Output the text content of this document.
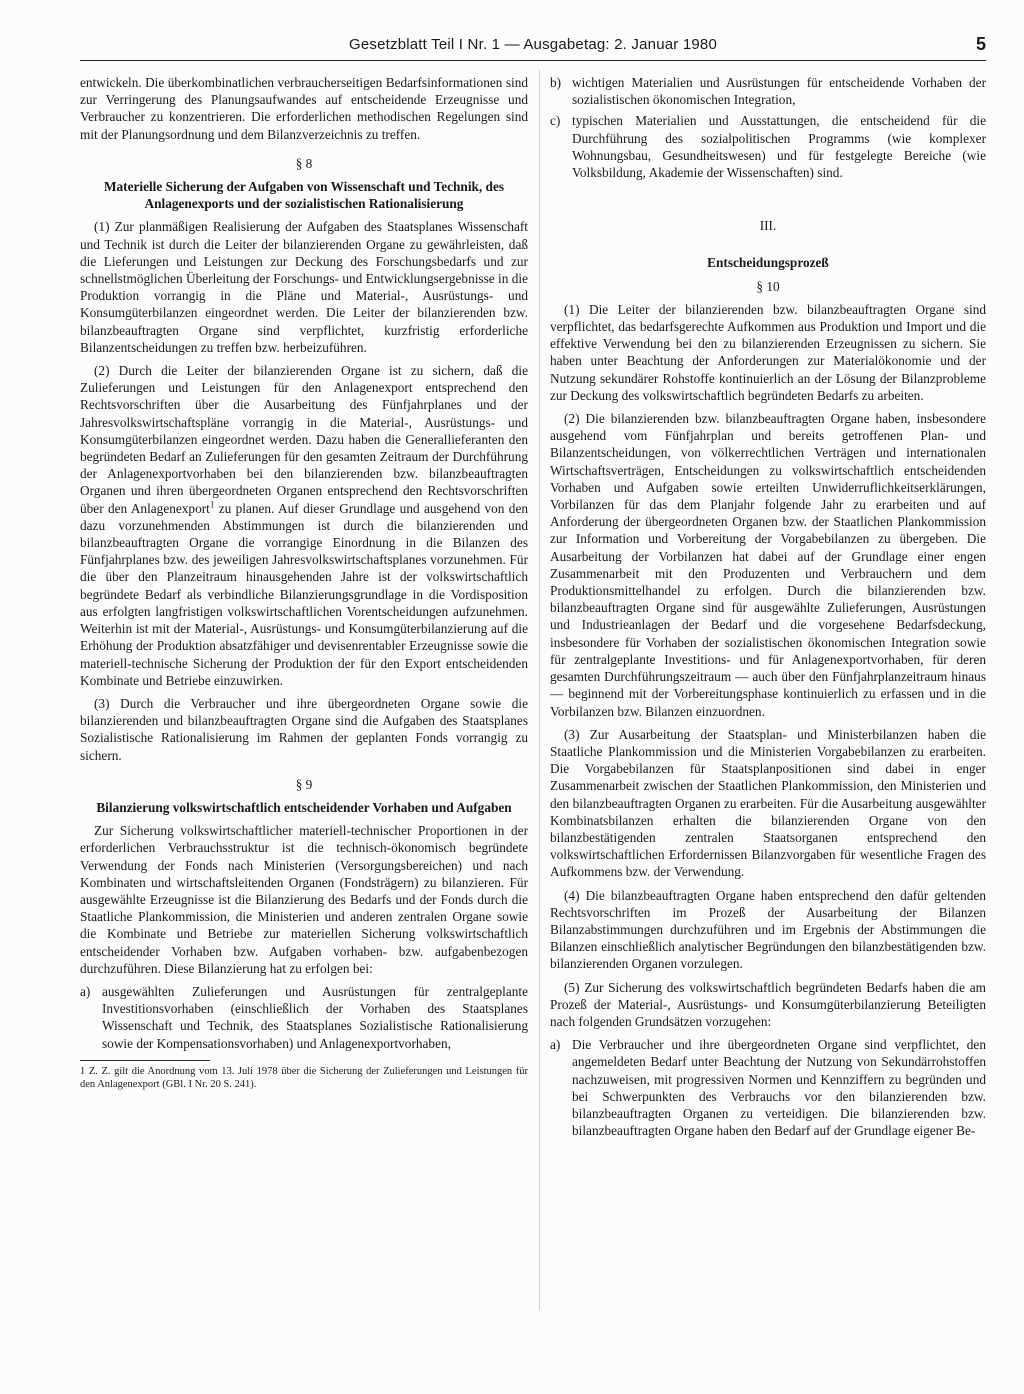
Gesetzblatt Teil I Nr. 1 — Ausgabetag: 2. Januar 1980	5

entwickeln. Die überkombinatlichen verbraucherseitigen Bedarfsinformationen sind zur Verringerung des Planungsaufwandes auf entscheidende Erzeugnisse und Verbraucher zu konzentrieren. Die erforderlichen methodischen Regelungen sind mit der Planungsordnung und dem Bilanzverzeichnis zu treffen.

§ 8
Materielle Sicherung der Aufgaben von Wissenschaft und Technik, des Anlagenexports und der sozialistischen Rationalisierung

(1) Zur planmäßigen Realisierung der Aufgaben des Staatsplanes Wissenschaft und Technik ist durch die Leiter der bilanzierenden Organe zu gewährleisten, daß die Lieferungen und Leistungen zur Deckung des Forschungsbedarfs und zur schnellstmöglichen Überleitung der Forschungs- und Entwicklungsergebnisse in die Produktion vorrangig in die Pläne und Material-, Ausrüstungs- und Konsumgüterbilanzen eingeordnet werden. Die Leiter der bilanzierenden bzw. bilanzbeauftragten Organe sind verpflichtet, kurzfristig erforderliche Bilanzentscheidungen zu treffen bzw. herbeizuführen.

(2) Durch die Leiter der bilanzierenden Organe ist zu sichern, daß die Zulieferungen und Leistungen für den Anlagenexport entsprechend den Rechtsvorschriften über die Ausarbeitung des Fünfjahrplanes und der Jahresvolkswirtschaftspläne vorrangig in die Material-, Ausrüstungs- und Konsumgüterbilanzen eingeordnet werden. Dazu haben die Generallieferanten den begründeten Bedarf an Zulieferungen für den gesamten Zeitraum der Durchführung der Anlagenexportvorhaben bei den bilanzierenden bzw. bilanzbeauftragten Organen und ihren übergeordneten Organen entsprechend den Rechtsvorschriften über den Anlagenexport$^1$ zu planen. Auf dieser Grundlage und ausgehend von den dazu vorzunehmenden Abstimmungen ist durch die bilanzierenden und bilanzbeauftragten Organe die vorrangige Einordnung in die Bilanzen des Fünfjahrplanes bzw. des jeweiligen Jahresvolkswirtschaftsplanes vorzunehmen. Für die über den Planzeitraum hinausgehenden Jahre ist der volkswirtschaftlich begründete Bedarf als verbindliche Bilanzierungsgrundlage in die Vordisposition aus erfolgten langfristigen volkswirtschaftlichen Vorentscheidungen aufzunehmen. Weiterhin ist mit der Material-, Ausrüstungs- und Konsumgüterbilanzierung auf die Erhöhung der Produktion absatzfähiger und devisenrentabler Erzeugnisse sowie die materiell-technische Sicherung der Produktion der für den Export entscheidenden Kombinate und Betriebe einzuwirken.

(3) Durch die Verbraucher und ihre übergeordneten Organe sowie die bilanzierenden und bilanzbeauftragten Organe sind die Aufgaben des Staatsplanes Sozialistische Rationalisierung im Rahmen der geplanten Fonds vorrangig zu sichern.

§ 9
Bilanzierung volkswirtschaftlich entscheidender Vorhaben und Aufgaben

Zur Sicherung volkswirtschaftlicher materiell-technischer Proportionen in der erforderlichen Verbrauchsstruktur ist die technisch-ökonomisch begründete Verwendung der Fonds nach Ministerien (Versorgungsbereichen) und nach Kombinaten und wirtschaftsleitenden Organen (Fondsträgern) zu bilanzieren. Für ausgewählte Erzeugnisse ist die Bilanzierung des Bedarfs und der Fonds durch die Staatliche Plankommission, die Ministerien und anderen zentralen Organe sowie die Kombinate und Betriebe zur materiellen Sicherung volkswirtschaftlich entscheidender Vorhaben bzw. Aufgaben vorhaben- bzw. aufgabenbezogen durchzuführen. Diese Bilanzierung hat zu erfolgen bei:

a) ausgewählten Zulieferungen und Ausrüstungen für zentralgeplante Investitionsvorhaben (einschließlich der Vorhaben des Staatsplanes Wissenschaft und Technik, des Staatsplanes Sozialistische Rationalisierung sowie der Kompensationsvorhaben) und Anlagenexportvorhaben,
1 Z. Z. gilt die Anordnung vom 13. Juli 1978 über die Sicherung der Zulieferungen und Leistungen für den Anlagenexport (GBl. I Nr. 20 S. 241).
b) wichtigen Materialien und Ausrüstungen für entscheidende Vorhaben der sozialistischen ökonomischen Integration,
c) typischen Materialien und Ausstattungen, die entscheidend für die Durchführung des sozialpolitischen Programms (wie komplexer Wohnungsbau, Gesundheitswesen) und für festgelegte Bereiche (wie Volksbildung, Akademie der Wissenschaften) sind.
III.
Entscheidungsprozeß
§ 10

(1) Die Leiter der bilanzierenden bzw. bilanzbeauftragten Organe sind verpflichtet, das bedarfsgerechte Aufkommen aus Produktion und Import und die effektive Verwendung bei den zu bilanzierenden Erzeugnissen zu sichern. Sie haben unter Beachtung der Anforderungen zur Materialökonomie und der Nutzung sekundärer Rohstoffe kontinuierlich an der Lösung der Bilanzprobleme zur Deckung des volkswirtschaftlich begründeten Bedarfs zu arbeiten.

(2) Die bilanzierenden bzw. bilanzbeauftragten Organe haben, insbesondere ausgehend vom Fünfjahrplan und bereits getroffenen Plan- und Bilanzentscheidungen, von völkerrechtlichen Verträgen und internationalen Wirtschaftsverträgen, Entscheidungen zu volkswirtschaftlich entscheidenden Vorhaben und Aufgaben sowie erteilten Unwiderruflichkeitserklärungen, Vorbilanzen für das dem Planjahr folgende Jahr zu erarbeiten und auf Anforderung der übergeordneten Organen bzw. der Staatlichen Plankommission zur Information und Vorbereitung der Vorgabebilanzen zu übergeben. Die Ausarbeitung der Vorbilanzen hat dabei auf der Grundlage einer engen Zusammenarbeit mit den Produzenten und Verbrauchern und dem Produktionsmittelhandel zu erfolgen. Durch die bilanzierenden bzw. bilanzbeauftragten Organe sind für ausgewählte Zulieferungen, Ausrüstungen und Industrieanlagen der Bedarf und die vorgesehene Bedarfsdeckung, insbesondere für Vorhaben der sozialistischen ökonomischen Integration sowie für zentralgeplante Investitions- und für Anlagenexportvorhaben, für deren gesamten Durchführungszeitraum — auch über den Fünfjahrplanzeitraum hinaus — beginnend mit der Vorbereitungsphase kontinuierlich zu erfassen und in die Vorbilanzen bzw. Bilanzen einzuordnen.

(3) Zur Ausarbeitung der Staatsplan- und Ministerbilanzen haben die Staatliche Plankommission und die Ministerien Vorgabebilanzen zu erarbeiten. Die Vorgabebilanzen für Staatsplanpositionen sind dabei in enger Zusammenarbeit zwischen der Staatlichen Plankommission, den Ministerien und den bilanzbeauftragten Organen zu erarbeiten. Für die Ausarbeitung ausgewählter Kombinatsbilanzen erhalten die bilanzierenden Organe von den bilanzbestätigenden zentralen Staatsorganen entsprechend den volkswirtschaftlichen Erfordernissen Bilanzvorgaben für wesentliche Fragen des Aufkommens bzw. der Verwendung.

(4) Die bilanzbeauftragten Organe haben entsprechend den dafür geltenden Rechtsvorschriften im Prozeß der Ausarbeitung der Bilanzen Bilanzabstimmungen durchzuführen und im Ergebnis der Abstimmungen die Bilanzen einschließlich analytischer Begründungen den bilanzbestätigenden bzw. bilanzierenden Organen vorzulegen.

(5) Zur Sicherung des volkswirtschaftlich begründeten Bedarfs haben die am Prozeß der Material-, Ausrüstungs- und Konsumgüterbilanzierung Beteiligten nach folgenden Grundsätzen vorzugehen:

a) Die Verbraucher und ihre übergeordneten Organe sind verpflichtet, den angemeldeten Bedarf unter Beachtung der Nutzung von Sekundärrohstoffen nachzuweisen, mit progressiven Normen und Kennziffern zu begründen und bei Schwerpunkten des Verbrauchs vor den bilanzierenden bzw. bilanzbeauftragten Organen zu verteidigen. Die bilanzierenden bzw. bilanzbeauftragten Organe haben den Bedarf auf der Grundlage eigener Be-
